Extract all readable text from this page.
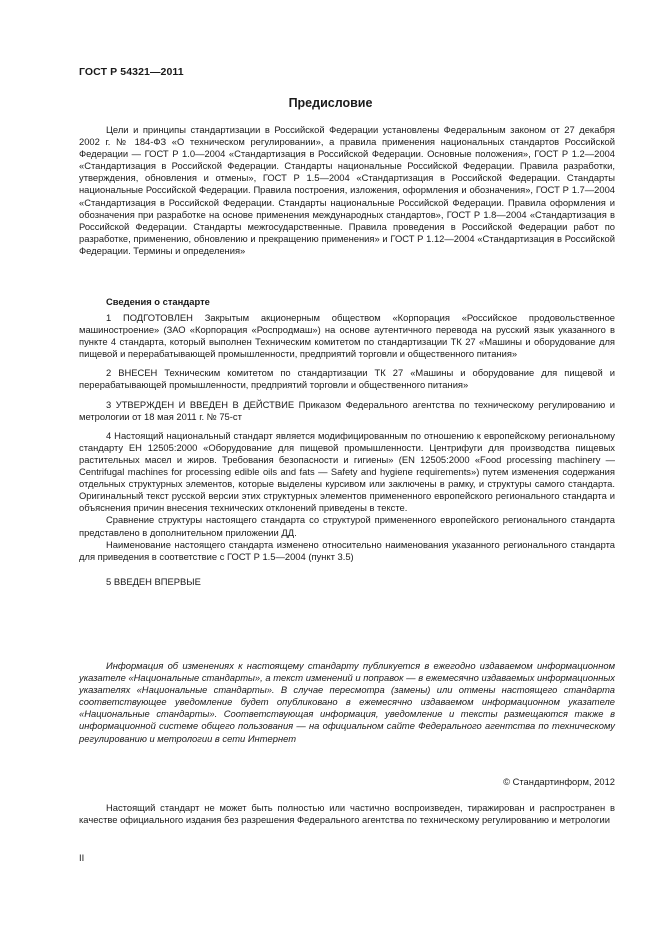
ГОСТ Р 54321—2011
Предисловие

Цели и принципы стандартизации в Российской Федерации установлены Федеральным законом от 27 декабря 2002 г. № 184-ФЗ «О техническом регулировании», а правила применения национальных стандартов Российской Федерации — ГОСТ Р 1.0—2004 «Стандартизация в Российской Федерации. Основные положения», ГОСТ Р 1.2—2004 «Стандартизация в Российской Федерации. Стандарты национальные Российской Федерации. Правила разработки, утверждения, обновления и отмены», ГОСТ Р 1.5—2004 «Стандартизация в Российской Федерации. Стандарты национальные Российской Федерации. Правила построения, изложения, оформления и обозначения», ГОСТ Р 1.7—2004 «Стандартизация в Российской Федерации. Стандарты национальные Российской Федерации. Правила оформления и обозначения при разработке на основе применения международных стандартов», ГОСТ Р 1.8—2004 «Стандартизация в Российской Федерации. Стандарты межгосударственные. Правила проведения в Российской Федерации работ по разработке, применению, обновлению и прекращению применения» и ГОСТ Р 1.12—2004 «Стандартизация в Российской Федерации. Термины и определения»

Сведения о стандарте

1 ПОДГОТОВЛЕН Закрытым акционерным обществом «Корпорация «Российское продовольственное машиностроение» (ЗАО «Корпорация «Роспродмаш») на основе аутентичного перевода на русский язык указанного в пункте 4 стандарта, который выполнен Техническим комитетом по стандартизации ТК 27 «Машины и оборудование для пищевой и перерабатывающей промышленности, предприятий торговли и общественного питания»

2 ВНЕСЕН Техническим комитетом по стандартизации ТК 27 «Машины и оборудование для пищевой и перерабатывающей промышленности, предприятий торговли и общественного питания»

3 УТВЕРЖДЕН И ВВЕДЕН В ДЕЙСТВИЕ Приказом Федерального агентства по техническому регулированию и метрологии от 18 мая 2011 г. № 75-ст

4 Настоящий национальный стандарт является модифицированным по отношению к европейскому региональному стандарту ЕН 12505:2000 «Оборудование для пищевой промышленности. Центрифуги для производства пищевых растительных масел и жиров. Требования безопасности и гигиены» (EN 12505:2000 «Food processing machinery — Centrifugal machines for processing edible oils and fats — Safety and hygiene requirements») путем изменения содержания отдельных структурных элементов, которые выделены курсивом или заключены в рамку, и структуры самого стандарта. Оригинальный текст русской версии этих структурных элементов примененного европейского регионального стандарта и объяснения причин внесения технических отклонений приведены в тексте.

Сравнение структуры настоящего стандарта со структурой примененного европейского регионального стандарта представлено в дополнительном приложении ДД.

Наименование настоящего стандарта изменено относительно наименования указанного регионального стандарта для приведения в соответствие с ГОСТ Р 1.5—2004 (пункт 3.5)

5 ВВЕДЕН ВПЕРВЫЕ

Информация об изменениях к настоящему стандарту публикуется в ежегодно издаваемом информационном указателе «Национальные стандарты», а текст изменений и поправок — в ежемесячно издаваемых информационных указателях «Национальные стандарты». В случае пересмотра (замены) или отмены настоящего стандарта соответствующее уведомление будет опубликовано в ежемесячно издаваемом информационном указателе «Национальные стандарты». Соответствующая информация, уведомление и тексты размещаются также в информационной системе общего пользования — на официальном сайте Федерального агентства по техническому регулированию и метрологии в сети Интернет

© Стандартинформ, 2012

Настоящий стандарт не может быть полностью или частично воспроизведен, тиражирован и распространен в качестве официального издания без разрешения Федерального агентства по техническому регулированию и метрологии

II
